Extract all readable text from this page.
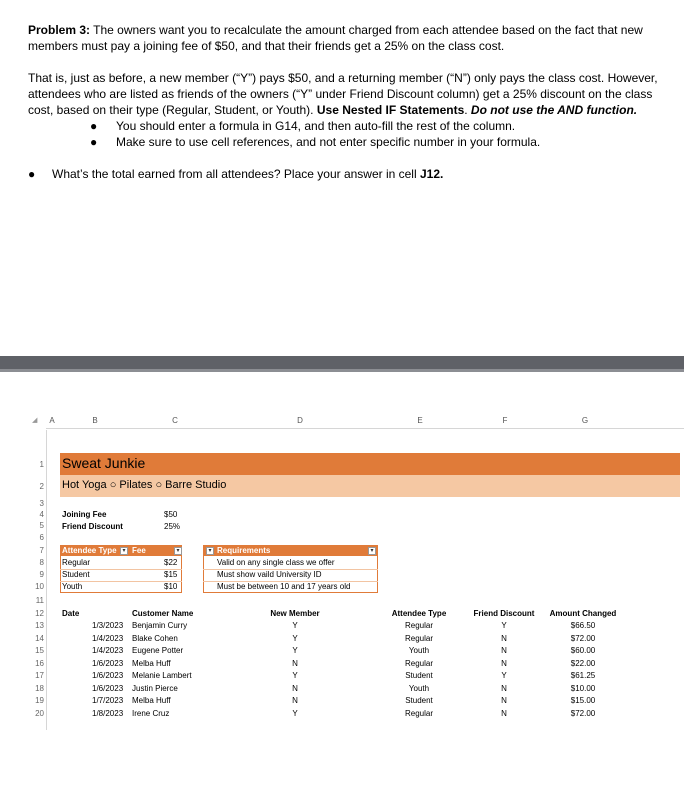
Problem 3: The owners want you to recalculate the amount charged from each attendee based on the fact that new members must pay a joining fee of $50, and that their friends get a 25% on the class cost.

That is, just as before, a new member (“Y”) pays $50, and a returning member (“N”) only pays the class cost. However, attendees who are listed as friends of the owners (“Y” under Friend Discount column) get a 25% discount on the class cost, based on their type (Regular, Student, or Youth). Use Nested IF Statements. Do not use the AND function.

● You should enter a formula in G14, and then auto-fill the rest of the column.

● Make sure to use cell references, and not enter specific number in your formula.

● What’s the total earned from all attendees? Place your answer in cell J12.

◢	A	B	C	D	E	F	G
1
2
3
4
5
6
7
8
9
10
11
12
13
14
15
16
17
18
19
20
Sweat Junkie
Hot Yoga ○ Pilates ○ Barre Studio
Joining Fee	$50
Friend Discount	25%
Attendee Type ▾ Fee	▾
Regular	$22
Student	$15
Youth	$10
▾ Requirements	▾
Valid on any single class we offer
Must show vaild University ID
Must be between 10 and 17 years old
Date	Customer Name	New Member	Attendee Type	Friend Discount	Amount Changed
1/3/2023 Benjamin Curry	Y	Regular	Y	$66.50
1/4/2023 Blake Cohen	Y	Regular	N	$72.00
1/4/2023 Eugene Potter	Y	Youth	N	$60.00
1/6/2023 Melba Huff	N	Regular	N	$22.00
1/6/2023 Melanie Lambert	Y	Student	Y	$61.25
1/6/2023 Justin Pierce	N	Youth	N	$10.00
1/7/2023 Melba Huff	N	Student	N	$15.00
1/8/2023 Irene Cruz	Y	Regular	N	$72.00
